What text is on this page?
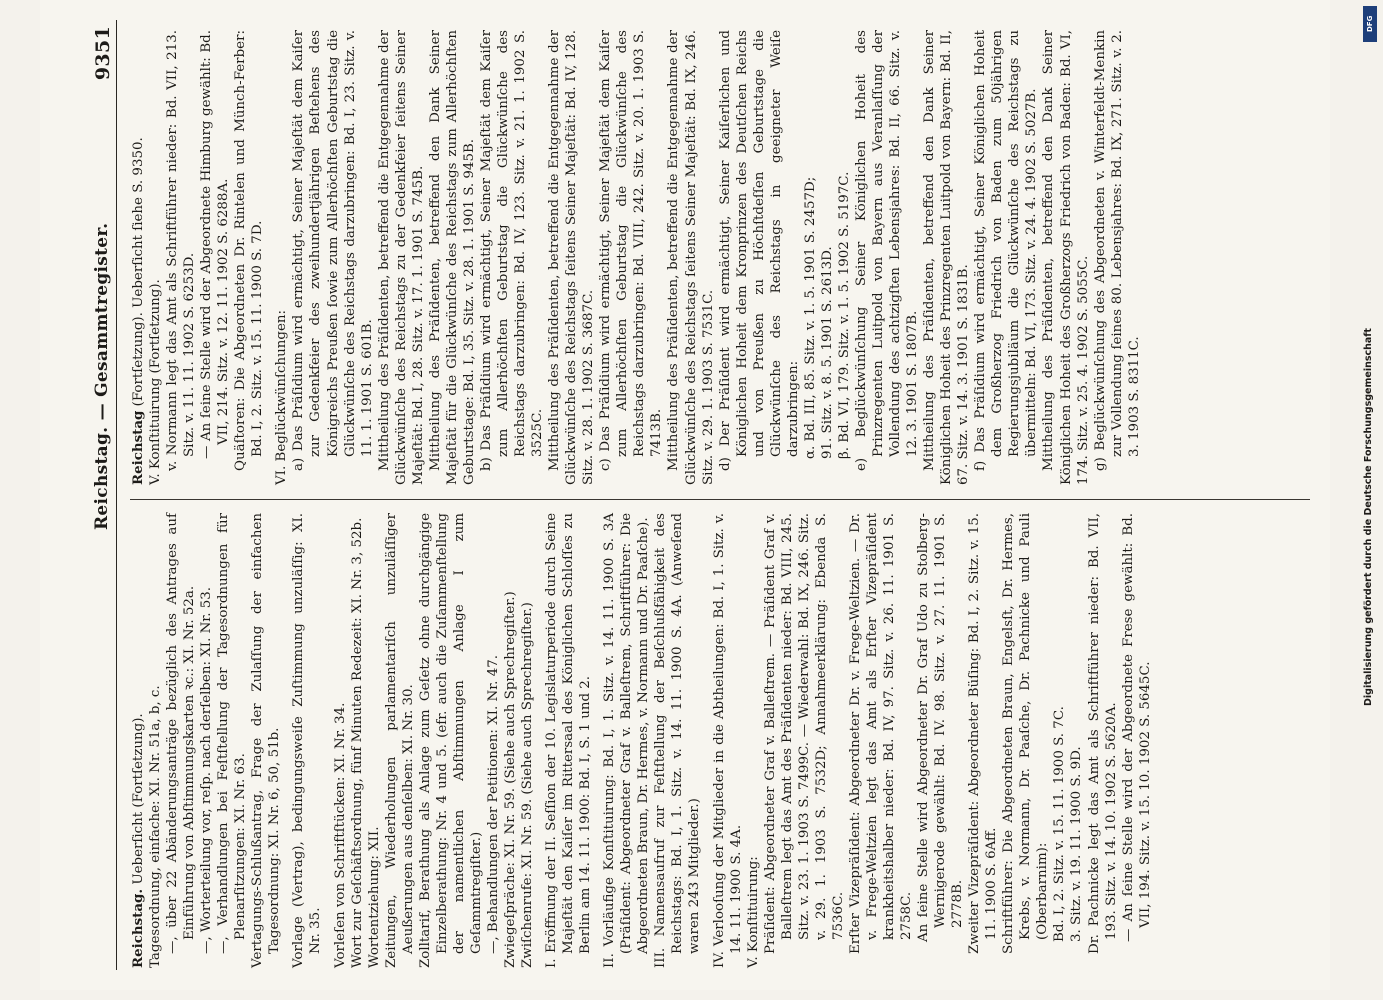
Reichstag. — Gesammtregister.
9351

Reichstag. Ueberſicht (Fortſetzung). Tagesordnung, einfache: XI. Nr. 51a, b, c. —, über 22 Abänderungsanträge bezüglich des Antrages auf Einführung von Abſtimmungskarten ꝛc.: XI. Nr. 52a. —, Worterteilung vor, reſp. nach derſelben: XI. Nr. 53. —, Verhandlungen bei Feſtſtellung der Tagesordnungen für Plenarſitzungen: XI. Nr. 63. Vertagungs-Schlußantrag, Frage der Zulaſſung der einfachen Tagesordnung: XI. Nr. 6, 50, 51b. Vorlage (Vertrag), bedingungsweiſe Zuſtimmung unzuläſſig: XI. Nr. 35. Vorleſen von Schriftſtücken: XI. Nr. 34. Wort zur Geſchäftsordnung, fünf Minuten Redezeit: XI. Nr. 3, 52b. Wortentziehung: XII. Zeitungen, Wiederholungen parlamentariſch unzuläſſiger Aeußerungen aus denſelben: XI. Nr. 30. Zolltarif, Berathung als Anlage zum Geſetz ohne durchgängige Einzelberathung: Nr. 4 und 5. (efr. auch die Zuſammenſtellung der namentlichen Abſtimmungen Anlage I zum Geſammtregiſter.) —, Behandlungen der Petitionen: XI. Nr. 47. Zwiegeſpräche: XI. Nr. 59. (Siehe auch Sprechregiſter.) Zwiſchenrufe: XI. Nr. 59. (Siehe auch Sprechregiſter.) I. Eröffnung der II. Seſſion der 10. Legislaturperiode durch Seine Majeſtät den Kaiſer im Rittersaal des Königlichen Schloſſes zu Berlin am 14. 11. 1900: Bd. I, S. 1 und 2. II. Vorläufige Konſtituirung: Bd. I, 1. Sitz. v. 14. 11. 1900 S. 3A (Präſident: Abgeordneter Graf v. Balleſtrem, Schriftführer: Die Abgeordneten Braun, Dr. Hermes, v. Normann und Dr. Paaſche). III. Namensaufruf zur Feſtſtellung der Beſchlußfähigkeit des Reichstags: Bd. I, 1. Sitz. v. 14. 11. 1900 S. 4A. (Anweſend waren 243 Mitglieder.) IV. Verlooſung der Mitglieder in die Abtheilungen: Bd. I, 1. Sitz. v. 14. 11. 1900 S. 4A. V. Konſtituirung: Präſident: Abgeordneter Graf v. Balleſtrem. — Präſident Graf v. Balleſtrem legt das Amt des Präſidenten nieder: Bd. VIII, 245. Sitz. v. 23. 1. 1903 S. 7499C. — Wiederwahl: Bd. IX, 246. Sitz. v. 29. 1. 1903 S. 7532D; Annahmeerklärung: Ebenda S. 7536C. Erſter Vizepräſident: Abgeordneter Dr. v. Frege-Weltzien. — Dr. v. Frege-Weltzien legt das Amt als Erſter Vizepräſident krankheitshalber nieder: Bd. IV, 97. Sitz. v. 26. 11. 1901 S. 2758C. An ſeine Stelle wird Abgeordneter Dr. Graf Udo zu Stolberg-Wernigerode gewählt: Bd. IV. 98. Sitz. v. 27. 11. 1901 S. 2778B. Zweiter Vizepräſident: Abgeordneter Büſing: Bd. I, 2. Sitz. v. 15. 11. 1900 S. 6Aff. Schriftführer: Die Abgeordneten Braun, Engelsſt, Dr. Hermes, Krebs, v. Normann, Dr. Paaſche, Dr. Pachnicke und Pauli (Oberbarnim): Bd. I, 2. Sitz. v. 15. 11. 1900 S. 7C. 3. Sitz. v. 19. 11. 1900 S. 9D. Dr. Pachnicke legt das Amt als Schriftführer nieder: Bd. VII, 193. Sitz. v. 14. 10. 1902 S. 5620A. — An ſeine Stelle wird der Abgeordnete Frese gewählt: Bd. VII, 194. Sitz. v. 15. 10. 1902 S. 5645C.

Reichstag (Fortſetzung). Ueberſicht ſiehe S. 9350. V. Konſtituirung (Fortſetzung). v. Normann legt das Amt als Schriftführer nieder: Bd. VII, 213. Sitz. v. 11. 11. 1902 S. 6253D. — An ſeine Stelle wird der Abgeordnete Himburg gewählt: Bd. VII, 214. Sitz. v. 12. 11. 1902 S. 6288A. Quäſtoren: Die Abgeordneten Dr. Rintelen und Münch-Ferber: Bd. I, 2. Sitz. v. 15. 11. 1900 S. 7D. VI. Beglückwünſchungen: a) Das Präſidium wird ermächtigt, Seiner Majeſtät dem Kaiſer zur Gedenkfeier des zweihundertjährigen Beſtehens des Königreichs Preußen ſowie zum Allerhöchſten Geburtstag die Glückwünſche des Reichstags darzubringen: Bd. I, 23. Sitz. v. 11. 1. 1901 S. 601B. Mittheilung des Präſidenten, betreffend die Entgegennahme der Glückwünſche des Reichstags zu der Gedenkfeier ſeitens Seiner Majeſtät: Bd. I, 28. Sitz. v. 17. 1. 1901 S. 745B. Mittheilung des Präſidenten, betreffend den Dank Seiner Majeſtät für die Glückwünſche des Reichstags zum Allerhöchſten Geburtstage: Bd. I, 35. Sitz. v. 28. 1. 1901 S. 945B. b) Das Präſidium wird ermächtigt, Seiner Majeſtät dem Kaiſer zum Allerhöchſten Geburtstag die Glückwünſche des Reichstags darzubringen: Bd. IV, 123. Sitz. v. 21. 1. 1902 S. 3525C. Mittheilung des Präſidenten, betreffend die Entgegennahme der Glückwünſche des Reichstags ſeitens Seiner Majeſtät: Bd. IV, 128. Sitz. v. 28. 1. 1902 S. 3687C. c) Das Präſidium wird ermächtigt, Seiner Majeſtät dem Kaiſer zum Allerhöchſten Geburtstag die Glückwünſche des Reichstags darzubringen: Bd. VIII, 242. Sitz. v. 20. 1. 1903 S. 7413B. Mittheilung des Präſidenten, betreffend die Entgegennahme der Glückwünſche des Reichstags ſeitens Seiner Majeſtät: Bd. IX, 246. Sitz. v. 29. 1. 1903 S. 7531C. d) Der Präſident wird ermächtigt, Seiner Kaiſerlichen und Königlichen Hoheit dem Kronprinzen des Deutſchen Reichs und von Preußen zu Höchſtdeſſen Geburtstage die Glückwünſche des Reichstags in geeigneter Weiſe darzubringen: α. Bd. III, 85. Sitz. v. 1. 5. 1901 S. 2457D; 91. Sitz. v. 8. 5. 1901 S. 2613D. β. Bd. VI, 179. Sitz. v. 1. 5. 1902 S. 5197C. e) Beglückwünſchung Seiner Königlichen Hoheit des Prinzregenten Luitpold von Bayern aus Veranlaſſung der Vollendung des achtzigſten Lebensjahres: Bd. II, 66. Sitz. v. 12. 3. 1901 S. 1807B. Mittheilung des Präſidenten, betreffend den Dank Seiner Königlichen Hoheit des Prinzregenten Luitpold von Bayern: Bd. II, 67. Sitz. v. 14. 3. 1901 S. 1831B. f) Das Präſidium wird ermächtigt, Seiner Königlichen Hoheit dem Großherzog Friedrich von Baden zum 50jährigen Regierungsjubiläum die Glückwünſche des Reichstags zu übermitteln: Bd. VI, 173. Sitz. v. 24. 4. 1902 S. 5027B. Mittheilung des Präſidenten, betreffend den Dank Seiner Königlichen Hoheit des Großherzogs Friedrich von Baden: Bd. VI, 174. Sitz. v. 25. 4. 1902 S. 5055C. g) Beglückwünſchung des Abgeordneten v. Winterfeldt-Menkin zur Vollendung ſeines 80. Lebensjahres: Bd. IX, 271. Sitz. v. 2. 3. 1903 S. 8311C.

DFG
Digitalisierung gefördert durch die Deutsche Forschungsgemeinschaft
